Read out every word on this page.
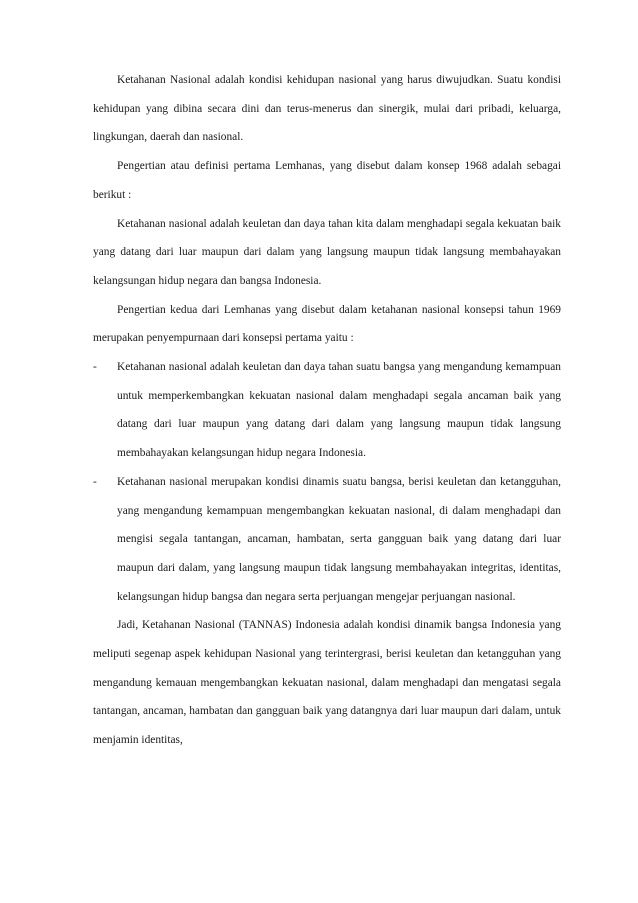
Ketahanan Nasional adalah kondisi kehidupan nasional yang harus diwujudkan. Suatu kondisi kehidupan yang dibina secara dini dan terus-menerus dan sinergik, mulai dari pribadi, keluarga, lingkungan, daerah dan nasional.

Pengertian atau definisi pertama Lemhanas, yang disebut dalam konsep 1968 adalah sebagai berikut :

Ketahanan nasional adalah keuletan dan daya tahan kita dalam menghadapi segala kekuatan baik yang datang dari luar maupun dari dalam yang langsung maupun tidak langsung membahayakan kelangsungan hidup negara dan bangsa Indonesia.

Pengertian kedua dari Lemhanas yang disebut dalam ketahanan nasional konsepsi tahun 1969 merupakan penyempurnaan dari konsepsi pertama yaitu :

- Ketahanan nasional adalah keuletan dan daya tahan suatu bangsa yang mengandung kemampuan untuk memperkembangkan kekuatan nasional dalam menghadapi segala ancaman baik yang datang dari luar maupun yang datang dari dalam yang langsung maupun tidak langsung membahayakan kelangsungan hidup negara Indonesia.
- Ketahanan nasional merupakan kondisi dinamis suatu bangsa, berisi keuletan dan ketangguhan, yang mengandung kemampuan mengembangkan kekuatan nasional, di dalam menghadapi dan mengisi segala tantangan, ancaman, hambatan, serta gangguan baik yang datang dari luar maupun dari dalam, yang langsung maupun tidak langsung membahayakan integritas, identitas, kelangsungan hidup bangsa dan negara serta perjuangan mengejar perjuangan nasional.

Jadi, Ketahanan Nasional (TANNAS) Indonesia adalah kondisi dinamik bangsa Indonesia yang meliputi segenap aspek kehidupan Nasional yang terintergrasi, berisi keuletan dan ketangguhan yang mengandung kemauan mengembangkan kekuatan nasional, dalam menghadapi dan mengatasi segala tantangan, ancaman, hambatan dan gangguan baik yang datangnya dari luar maupun dari dalam, untuk menjamin identitas,
